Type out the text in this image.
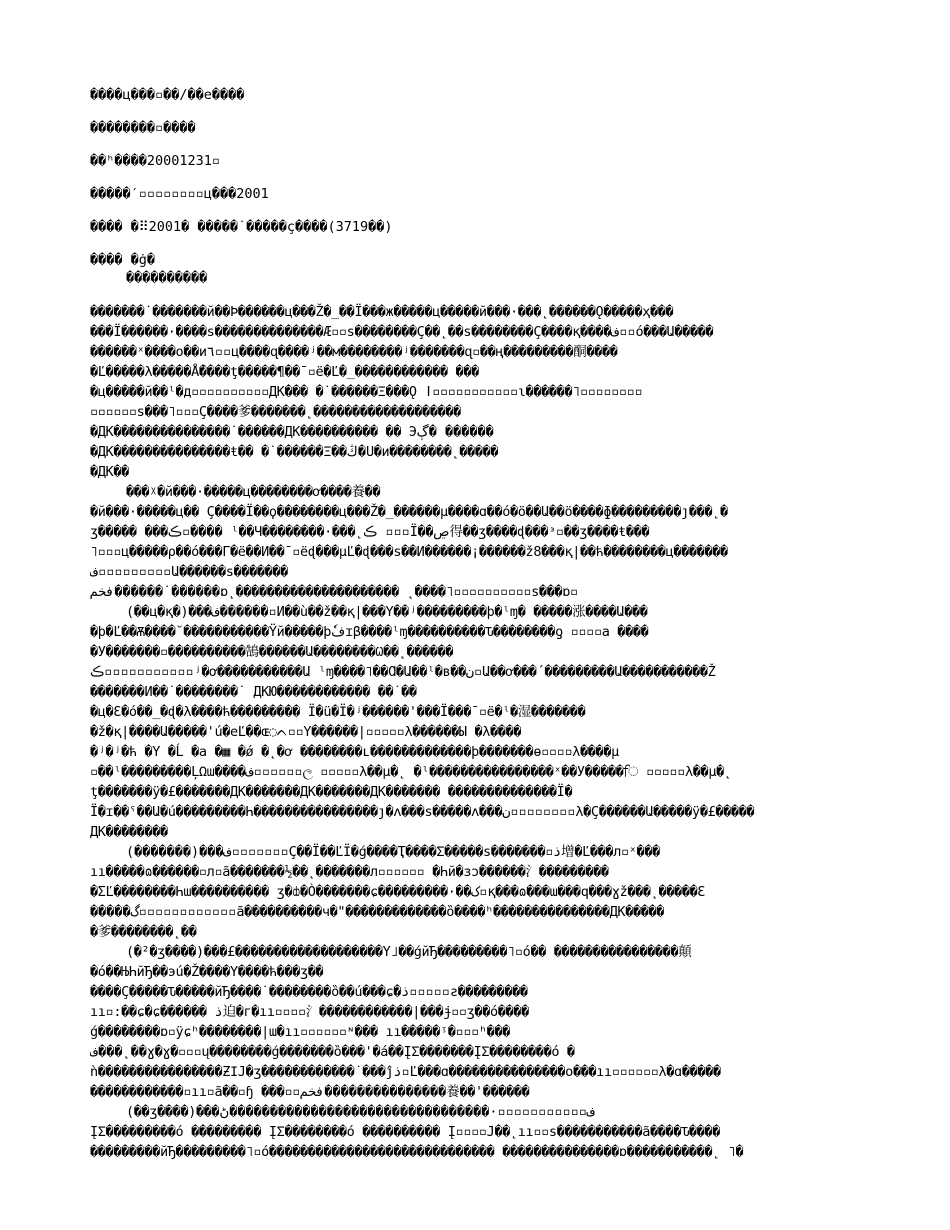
����ц���▫��/��e����
��������▫����
��ʰ����20001231▫
�����′▫▫▫▫▫▫▫▫ц���2001
���� �⠿2001� �����˙�����ç����(3719��)
���� �ġ�
����������
�������˙�������й��Þ������ц���Ž�_��Ï���ж�����ц�����й���·���˛������Ǫ�����ҳ���
���Ï������·����ѕ��������������Æ▫▫ѕ��������Ç��˛��ѕ��������Ç����қ����ف▫▫ó���Ա�����
������ˣ����о��и٦▫▫ц����ɋ����ʲ��м��������ʲ�������ɋ▫��ң���������酮����
�Ľ�����λ�����Ǻ����ţ�����¶��¯▫ё�Ľ�_������������ ���
�ц�����й��ˡ�д▫▫▫▫▫▫▫▫▫▫ДК��� �˙������Ξ���Ǫ ǀ▫▫▫▫▫▫▫▫▫▫▫ɩ������˥▫▫▫▫▫▫▫▫
▫▫▫▫▫▫ѕ���˥▫▫▫Ç����爹�������˛�������������������
�ДК���������������˙������ДК���������� �� Эڳ� ������
�ДК���������������ŧ�� �˙������Ξ��ڭ�Ս�и��������˛�����
�ДК��
���ᵡ�й���·�����ц��������ơ����養��
�й���·�����ц�� Ç����Ï��ϙ��������ц���Ž�_������µ����ɑ��ó�ö��Ա��ö����ɸ���������ȷ���˛�
ʒ����� ���ڪ▫���� ˡ��Ч��������·���˛ڪ ▫▫▫Ï��ڝ得��ʒ����ɖ���ᵌ▫��ʒ����ŧ���
˥▫▫▫ц�����ρ��ó���Г�ё��И��¯▫ёɖ���µĽ�ɖ���ѕ��И������¡������ž8���қ|��ћ��������ц�������
ف▫▫▫▫▫▫▫▫▫Ա������ѕ�������
فخم������˙������ɒ˛��������������������� ˛����˥▫▫▫▫▫▫▫▫▫▫ѕ���ɒ▫
(��ц�қ�)���ف������▫И��ù��ž��қ|���Ү��ʲ���������þ�ˡɱ� �����涨����Ա���
�þ�Ľ��Ѫ����˘�����������Ÿй�����þفٗɪβ����ˡɱ����������Ԏ��������ƍ ▫▫▫▫a ����
�У�������▫����������鵠������Ա��������Ѡ��˛������
ڪ▫▫▫▫▫▫▫▫▫▫▫ʲ�ơ�����������Ա ˡɱ����˥��Ɑ�Ա��ˡ�в��ن▫Ա��ơ���´���������Ա�����������Ž
�������И��˙��������˙ ДКЮ������������ ��˙��
�ц�Ɛ�ó��_�ɖ�λ����ћ��������� Ϊ�ü�Ϊ�ʲ������'���Ï���¯▫ё�ˡ�湿�������
�ž�қ|����Ա�����'ú�eĽ��ɶ◌ᨈ▫▫Ү������|▫▫▫▫▫λ������Ы �λ����
�ʲ�ʲ�ћ �Ү �Ĺ �a �▦ �ǿ �˛�ơ ��������ʟ�������������þ�������ɵ▫▫▫▫λ����µ
▫��ˡ���������ĻΩɯ����ف▫▫▫▫▫▫ල ▫▫▫▫▫λ��µ�˛ �ˡ����������������ˣ��У�����ਿ ▫▫▫▫▫λ��µ�˛
ţ�������ÿ�£�������ДК�������ДК�������ДК������� ��������������Ï�
Ï�ɪ��ˤ��Ա�ú���������Һ����������������ȷ�ʌ���ѕ�����ʌ���ن▫▫▫▫▫▫▫▫λ�Ç������Ա�����ÿ�£�����
ДК��������
(�������)���ف▫▫▫▫▫▫▫Ç��Ï��ĽΪ�ǵ����Ҭ����Σ�����ѕ�������▫ذ增�Ľ���л▫ˣ���
ıı�����ɷ������▫л▫ã�������½��˛�������л▫▫▫▫▫▫ �Һй�ɜɔ������氵���������
�ƩĽ��������Һɯ���������� ʒ�ȸ�Ò�������ɕ���������·��ک▫қ���ɷ���ɯ���q���ɣž���˛�����Ɛ
�����گ▫▫▫▫▫▫▫▫▫▫▫▫ã����������ч�"�������������ȍ����ʰ���������������ДК�����
�爹��������˛��
(�²�ʒ����)���£�������������������Ү˩��ǵйЂ���������˥▫ó�� ����������������顛
�ó��ЊҺйЂ��эú�Ž����Ү����ћ���ʒ��
����Ç�����Ԏ�����йЂ����˙��������ȍ��ú���ɕ�ذ▫▫▫▫▫ƨ���������
ıı▫:��ɕ�ɕ������ ذ迫�г�ıı▫▫▫▫氵������������|���ɉ▫▫ʒ��ó����
ǵ��������ɒ▫ÿɕʰ��������|ɯ�ıı▫▫▫▫▫▫ᶰ��� ıı�����ᵎ�▫▫▫ʰ���
ف���˛��ɣ�ɣ�▫▫▫ų��������ǵ�������ȍ���'�á��ĮΣ�������ĮΣ��������ó �
ǹ����������������ƵΙЈ�ʒ������������˙���ĵذ▫Ľ���ɑ���������������о���ıı▫▫▫▫▫▫λ�ɑ�����
������������▫ıı▫ã��▫ɧ ���▫▫فخم���������������養��'������
(��ʒ����)���ف▫▫▫▫▫▫▫▫▫▫▫·��������������������������������ڻ
ĮΣ���������ó ��������� ĮΣ��������ó ���������� Į▫▫▫▫J��˛ıı▫▫ѕ�����������ã����Ԏ����
���������йЂ���������˥▫ó����������������������������� ���������������ɒ�����������˛ ˥�
